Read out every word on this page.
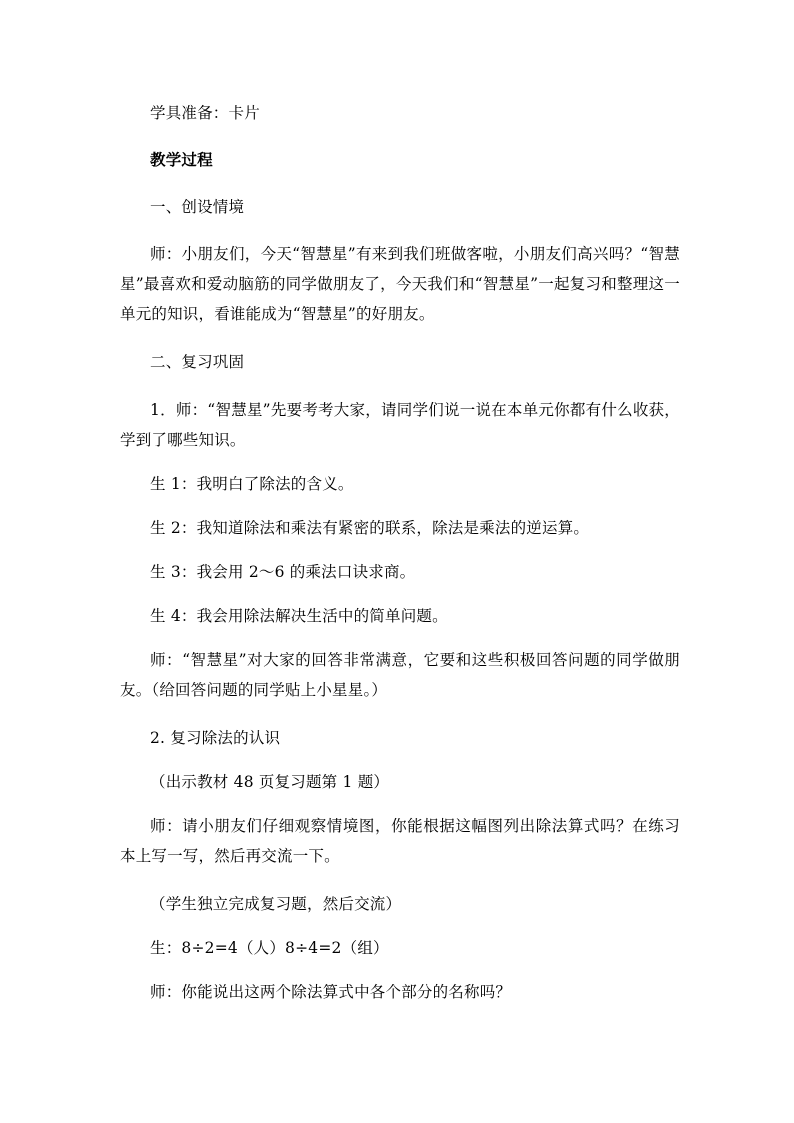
学具准备：卡片

教学过程

一、创设情境

师：小朋友们，今天“智慧星”有来到我们班做客啦，小朋友们高兴吗？“智慧星”最喜欢和爱动脑筋的同学做朋友了，今天我们和“智慧星”一起复习和整理这一单元的知识，看谁能成为“智慧星”的好朋友。

二、复习巩固

1．师：“智慧星”先要考考大家，请同学们说一说在本单元你都有什么收获，学到了哪些知识。

生 1：我明白了除法的含义。

生 2：我知道除法和乘法有紧密的联系，除法是乘法的逆运算。

生 3：我会用 2～6 的乘法口诀求商。

生 4：我会用除法解决生活中的简单问题。

师：“智慧星”对大家的回答非常满意，它要和这些积极回答问题的同学做朋友。（给回答问题的同学贴上小星星。）

2. 复习除法的认识

（出示教材 48 页复习题第 1 题）

师：请小朋友们仔细观察情境图，你能根据这幅图列出除法算式吗？在练习本上写一写，然后再交流一下。

（学生独立完成复习题，然后交流）

生：8÷2=4（人）8÷4=2（组）

师：你能说出这两个除法算式中各个部分的名称吗？
